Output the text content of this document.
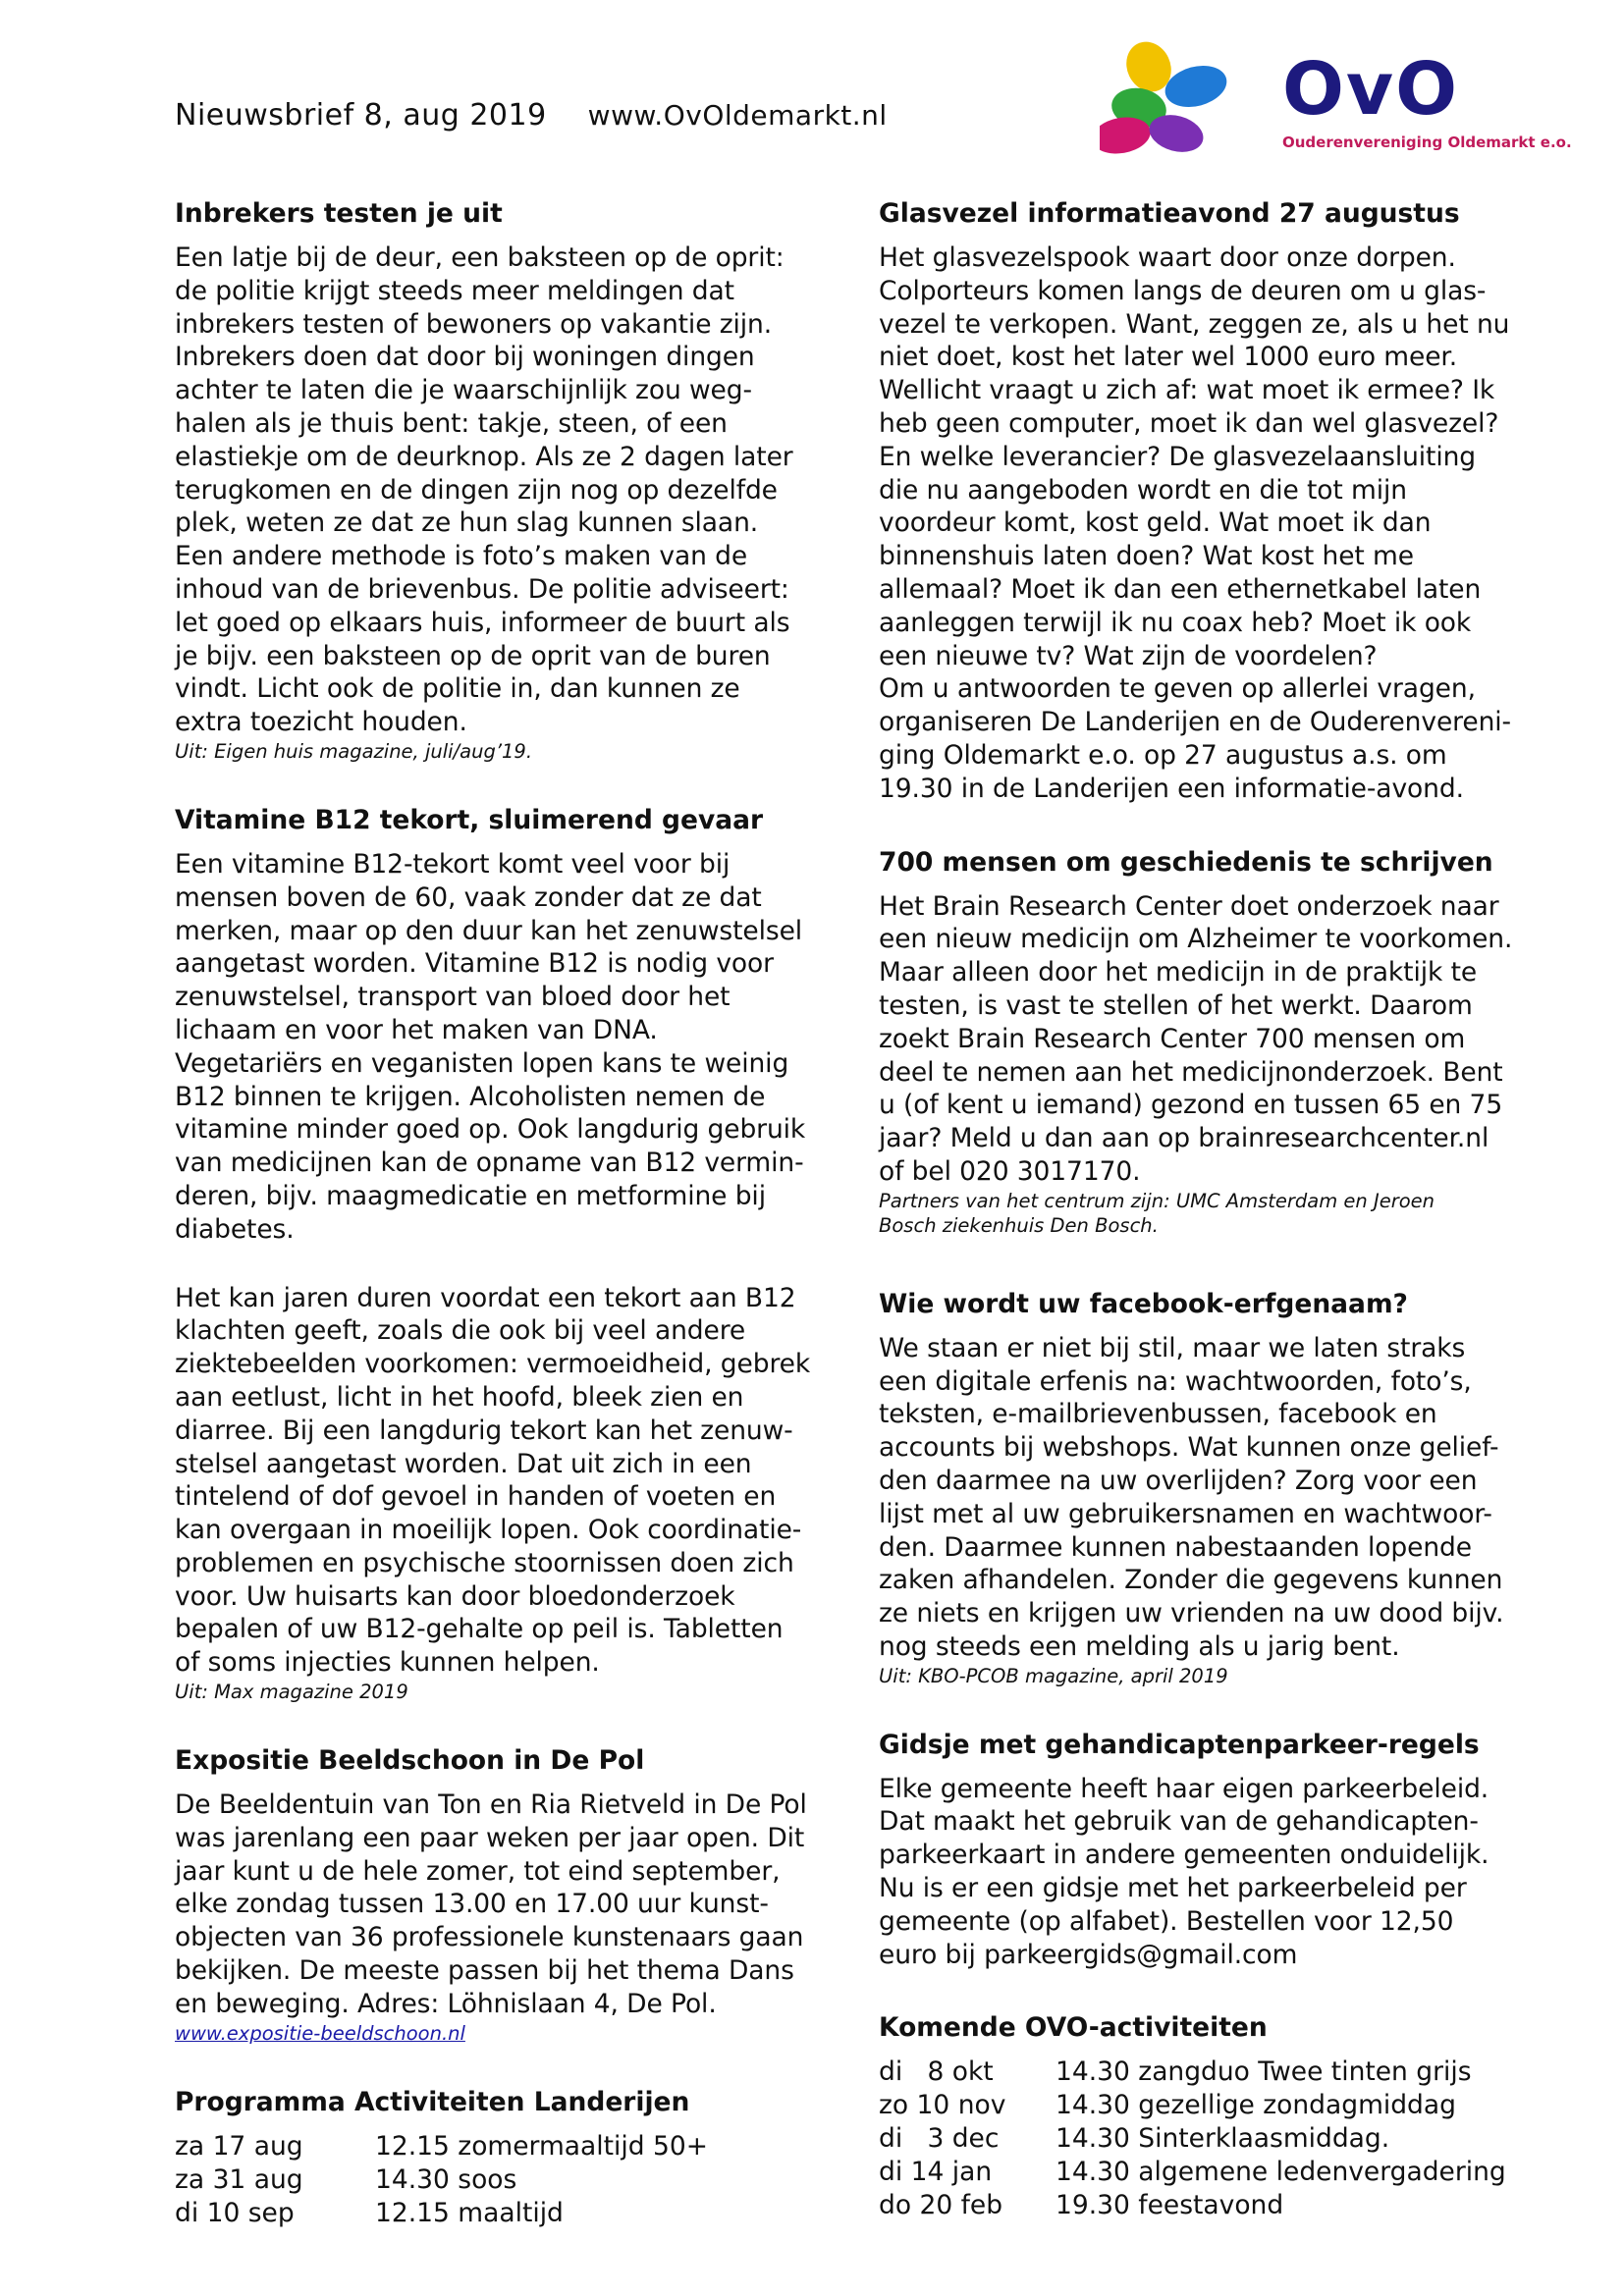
Nieuwsbrief 8, aug 2019 www.OvOldemarkt.nl	OvO
Ouderenvereniging Oldemarkt e.o.
Inbrekers testen je uit

Een latje bij de deur, een baksteen op de oprit:
de politie krijgt steeds meer meldingen dat
inbrekers testen of bewoners op vakantie zijn.
Inbrekers doen dat door bij woningen dingen
achter te laten die je waarschijnlijk zou weg-
halen als je thuis bent: takje, steen, of een
elastiekje om de deurknop. Als ze 2 dagen later
terugkomen en de dingen zijn nog op dezelfde
plek, weten ze dat ze hun slag kunnen slaan.
Een andere methode is foto’s maken van de
inhoud van de brievenbus. De politie adviseert:
let goed op elkaars huis, informeer de buurt als
je bijv. een baksteen op de oprit van de buren
vindt. Licht ook de politie in, dan kunnen ze
extra toezicht houden.

Uit: Eigen huis magazine, juli/aug’19.

Vitamine B12 tekort, sluimerend gevaar

Een vitamine B12-tekort komt veel voor bij
mensen boven de 60, vaak zonder dat ze dat
merken, maar op den duur kan het zenuwstelsel
aangetast worden. Vitamine B12 is nodig voor
zenuwstelsel, transport van bloed door het
lichaam en voor het maken van DNA.
Vegetariërs en veganisten lopen kans te weinig
B12 binnen te krijgen. Alcoholisten nemen de
vitamine minder goed op. Ook langdurig gebruik
van medicijnen kan de opname van B12 vermin-
deren, bijv. maagmedicatie en metformine bij
diabetes.

Het kan jaren duren voordat een tekort aan B12
klachten geeft, zoals die ook bij veel andere
ziektebeelden voorkomen: vermoeidheid, gebrek
aan eetlust, licht in het hoofd, bleek zien en
diarree. Bij een langdurig tekort kan het zenuw-
stelsel aangetast worden. Dat uit zich in een
tintelend of dof gevoel in handen of voeten en
kan overgaan in moeilijk lopen. Ook coordinatie-
problemen en psychische stoornissen doen zich
voor. Uw huisarts kan door bloedonderzoek
bepalen of uw B12-gehalte op peil is. Tabletten
of soms injecties kunnen helpen.

Uit: Max magazine 2019

Expositie Beeldschoon in De Pol

De Beeldentuin van Ton en Ria Rietveld in De Pol
was jarenlang een paar weken per jaar open. Dit
jaar kunt u de hele zomer, tot eind september,
elke zondag tussen 13.00 en 17.00 uur kunst-
objecten van 36 professionele kunstenaars gaan
bekijken. De meeste passen bij het thema Dans
en beweging. Adres: Löhnislaan 4, De Pol.

www.expositie-beeldschoon.nl

Programma Activiteiten Landerijen
za 17 aug	12.15 zomermaaltijd 50+
za 31 aug	14.30 soos
di 10 sep	12.15 maaltijd
Glasvezel informatieavond 27 augustus

Het glasvezelspook waart door onze dorpen.
Colporteurs komen langs de deuren om u glas-
vezel te verkopen. Want, zeggen ze, als u het nu
niet doet, kost het later wel 1000 euro meer.
Wellicht vraagt u zich af: wat moet ik ermee? Ik
heb geen computer, moet ik dan wel glasvezel?
En welke leverancier? De glasvezelaansluiting
die nu aangeboden wordt en die tot mijn
voordeur komt, kost geld. Wat moet ik dan
binnenshuis laten doen? Wat kost het me
allemaal? Moet ik dan een ethernetkabel laten
aanleggen terwijl ik nu coax heb? Moet ik ook
een nieuwe tv? Wat zijn de voordelen?
Om u antwoorden te geven op allerlei vragen,
organiseren De Landerijen en de Ouderenvereni-
ging Oldemarkt e.o. op 27 augustus a.s. om
19.30 in de Landerijen een informatie-avond.

700 mensen om geschiedenis te schrijven

Het Brain Research Center doet onderzoek naar
een nieuw medicijn om Alzheimer te voorkomen.
Maar alleen door het medicijn in de praktijk te
testen, is vast te stellen of het werkt. Daarom
zoekt Brain Research Center 700 mensen om
deel te nemen aan het medicijnonderzoek. Bent
u (of kent u iemand) gezond en tussen 65 en 75
jaar? Meld u dan aan op brainresearchcenter.nl
of bel 020 3017170.

Partners van het centrum zijn: UMC Amsterdam en Jeroen
Bosch ziekenhuis Den Bosch.

Wie wordt uw facebook-erfgenaam?

We staan er niet bij stil, maar we laten straks
een digitale erfenis na: wachtwoorden, foto’s,
teksten, e-mailbrievenbussen, facebook en
accounts bij webshops. Wat kunnen onze gelief-
den daarmee na uw overlijden? Zorg voor een
lijst met al uw gebruikersnamen en wachtwoor-
den. Daarmee kunnen nabestaanden lopende
zaken afhandelen. Zonder die gegevens kunnen
ze niets en krijgen uw vrienden na uw dood bijv.
nog steeds een melding als u jarig bent.

Uit: KBO-PCOB magazine, april 2019

Gidsje met gehandicaptenparkeer-regels

Elke gemeente heeft haar eigen parkeerbeleid.
Dat maakt het gebruik van de gehandicapten-
parkeerkaart in andere gemeenten onduidelijk.
Nu is er een gidsje met het parkeerbeleid per
gemeente (op alfabet). Bestellen voor 12,50
euro bij parkeergids@gmail.com

Komende OVO-activiteiten
di   8 okt	14.30 zangduo Twee tinten grijs
zo 10 nov	14.30 gezellige zondagmiddag
di   3 dec	14.30 Sinterklaasmiddag.
di 14 jan	14.30 algemene ledenvergadering
do 20 feb	19.30 feestavond
